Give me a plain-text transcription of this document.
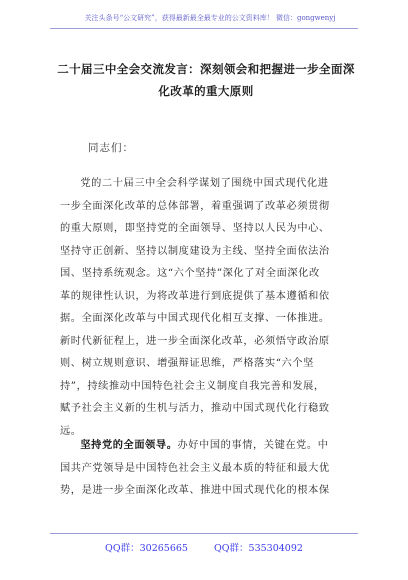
关注头条号“公文研究”，获得最新最全最专业的公文资料库！ 微信：gongwenyj
二十届三中全会交流发言：深刻领会和把握进一步全面深
化改革的重大原则
同志们：
党的二十届三中全会科学谋划了围绕中国式现代化进
一步全面深化改革的总体部署，着重强调了改革必须贯彻
的重大原则，即坚持党的全面领导、坚持以人民为中心、
坚持守正创新、坚持以制度建设为主线、坚持全面依法治
国、坚持系统观念。这“六个坚持”深化了对全面深化改
革的规律性认识，为将改革进行到底提供了基本遵循和依
据。全面深化改革与中国式现代化相互支撑、一体推进。
新时代新征程上，进一步全面深化改革，必须悟守政治原
则、树立规则意识、增强辩证思维，严格落实“六个坚
持”，持续推动中国特色社会主义制度自我完善和发展，
赋予社会主义新的生机与活力，推动中国式现代化行稳致
远。
坚持党的全面领导。办好中国的事情，关键在党。中
国共产党领导是中国特色社会主义最本质的特征和最大优
势，是进一步全面深化改革、推进中国式现代化的根本保
QQ群：30265665	QQ群：535304092
